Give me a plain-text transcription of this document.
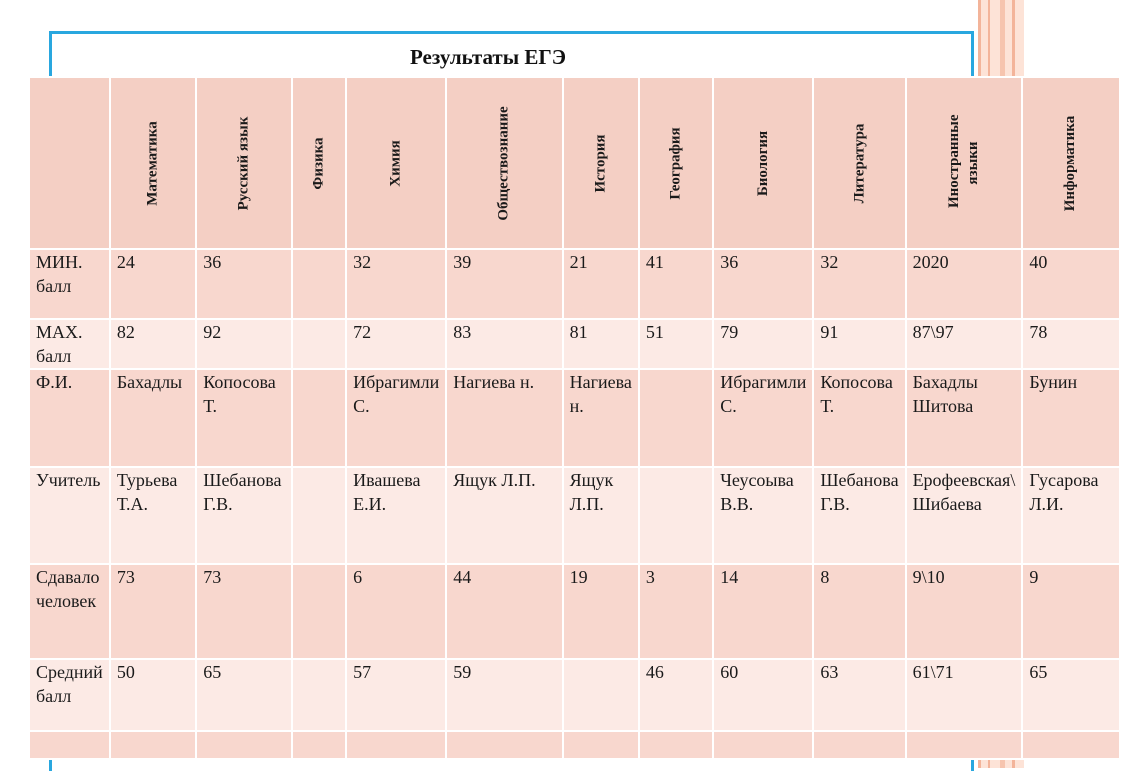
Результаты ЕГЭ

	Математика	Русский язык	Физика	Химия	Обществознание	История	География	Биология	Литература	Иностранные языки	Информатика

МИН. балл	24	36		32	39	21	41	36	32	2020	40
МАХ. балл	82	92		72	83	81	51	79	91	87\97	78
Ф.И.	Бахадлы	Копосова Т.		Ибрагимли С.	Нагиева н.	Нагиева н.		Ибрагимли С.	Копосова Т.	Бахадлы Шитова	Бунин
Учитель	Турьева Т.А.	Шебанова Г.В.		Ивашева Е.И.	Ящук Л.П.	Ящук Л.П.		Чеусоыва В.В.	Шебанова Г.В.	Ерофеевская\ Шибаева	Гусарова Л.И.
Сдавало человек	73	73		6	44	19	3	14	8	9\10	9
Средний балл	50	65		57	59		46	60	63	61\71	65
